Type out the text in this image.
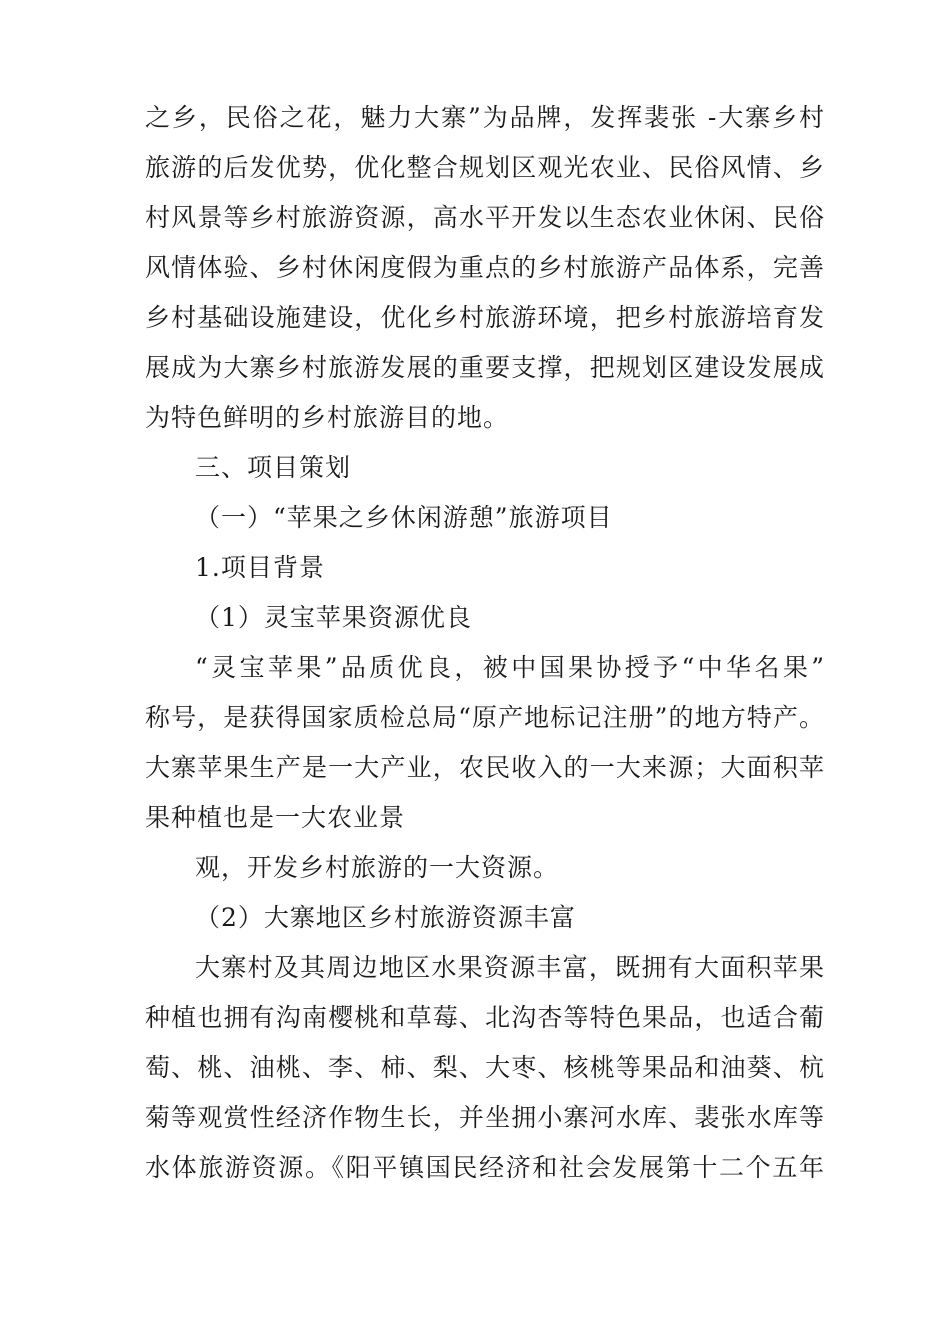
之乡，民俗之花，魅力大寨”为品牌，发挥裴张 -大寨乡村
旅游的后发优势，优化整合规划区观光农业、民俗风情、乡
村风景等乡村旅游资源，高水平开发以生态农业休闲、民俗
风情体验、乡村休闲度假为重点的乡村旅游产品体系，完善
乡村基础设施建设，优化乡村旅游环境，把乡村旅游培育发
展成为大寨乡村旅游发展的重要支撑，把规划区建设发展成
为特色鲜明的乡村旅游目的地。
三、项目策划
（一）“苹果之乡休闲游憩”旅游项目
1.项目背景
（1）灵宝苹果资源优良
“灵宝苹果”品质优良，被中国果协授予“中华名果”
称号，是获得国家质检总局“原产地标记注册”的地方特产。
大寨苹果生产是一大产业，农民收入的一大来源；大面积苹
果种植也是一大农业景
观，开发乡村旅游的一大资源。
（2）大寨地区乡村旅游资源丰富
大寨村及其周边地区水果资源丰富，既拥有大面积苹果
种植也拥有沟南樱桃和草莓、北沟杏等特色果品，也适合葡
萄、桃、油桃、李、柿、梨、大枣、核桃等果品和油葵、杭
菊等观赏性经济作物生长，并坐拥小寨河水库、裴张水库等
水体旅游资源。《阳平镇国民经济和社会发展第十二个五年
